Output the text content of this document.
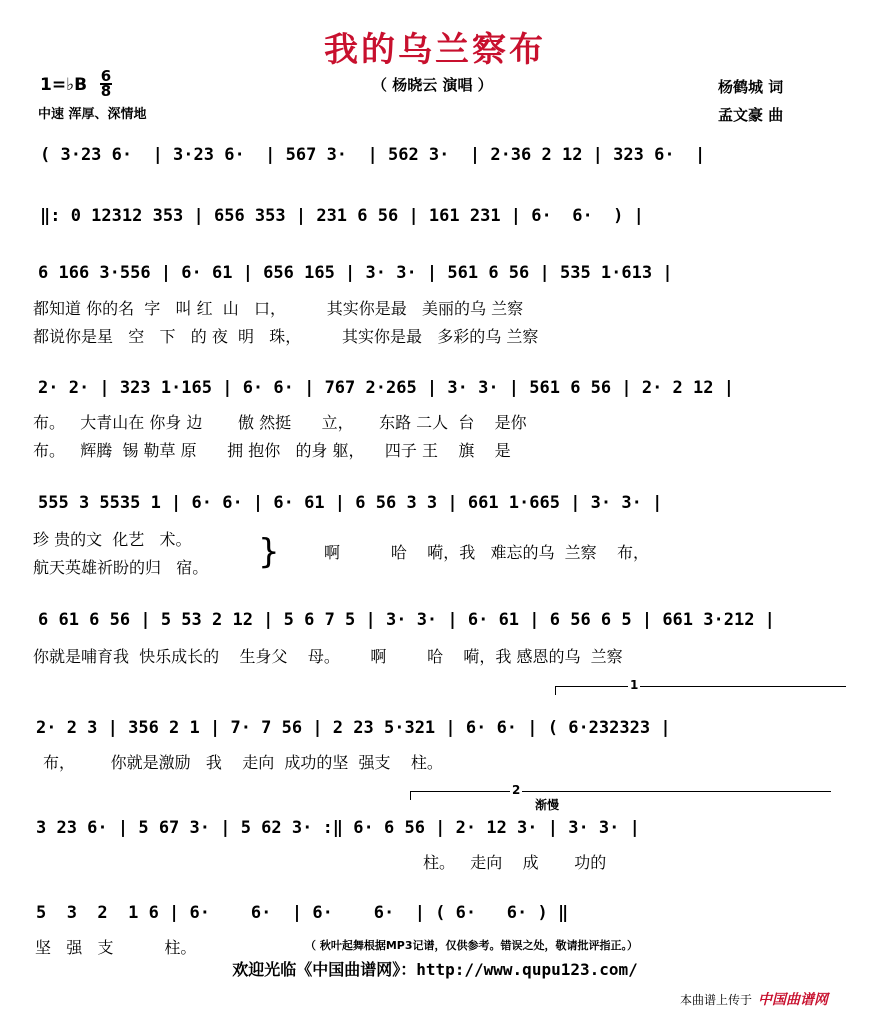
我的乌兰察布
1=♭B 6
8
中速 浑厚、深情地
（ 杨晓云 演唱 ）	杨鹤城 词
孟文豪 曲
( 3·23 6·  | 3·23 6·  | 567 3·  | 562 3·  | 2·36 2 12 | 323 6·  |
‖: 0 12312 353 | 656 353 | 231 6 56 | 161 231 | 6·  6·  ) |
6 166 3·556 | 6· 61 | 656 165 | 3· 3· | 561 6 56 | 535 1·613 |
都知道 你的名  字   叫 红  山   口，        其实你是最   美丽的乌 兰察
都说你是星   空   下   的 夜  明   珠，        其实你是最   多彩的乌 兰察
2· 2· | 323 1·165 | 6· 6· | 767 2·265 | 3· 3· | 561 6 56 | 2· 2 12 |
布。   大青山在 你身 边       傲 然挺      立，     东路 二人  台    是你
布。   辉腾  锡 勒草 原      拥 抱你   的身 躯，    四子 王    旗    是
555 3 5535 1 | 6· 6· | 6· 61 | 6 56 3 3 | 661 1·665 | 3· 3· |
珍 贵的文  化艺   术。
航天英雄祈盼的归   宿。 }	啊          哈    嗬，我   难忘的乌  兰察    布，
6 61 6 56 | 5 53 2 12 | 5 6 7 5 | 3· 3· | 6· 61 | 6 56 6 5 | 661 3·212 |
你就是哺育我  快乐成长的    生身父    母。      啊        哈    嗬，我 感恩的乌  兰察
1
2· 2 3 | 356 2 1 | 7· 7 56 | 2 23 5·321 | 6· 6· | ( 6·232323 |
布，       你就是激励   我    走向  成功的坚  强支    柱。
2
渐慢
3 23 6· | 5 67 3· | 5 62 3· :‖ 6· 6 56 | 2· 12 3· | 3· 3· |
柱。   走向    成       功的
5  3  2  1 6 | 6·    6·  | 6·    6·  | ( 6·   6· ) ‖
坚   强   支          柱。	（ 秋叶起舞根据MP3记谱，仅供参考。错误之处，敬请批评指正。）
欢迎光临《中国曲谱网》：http://www.qupu123.com/
本曲谱上传于 中国曲谱网
